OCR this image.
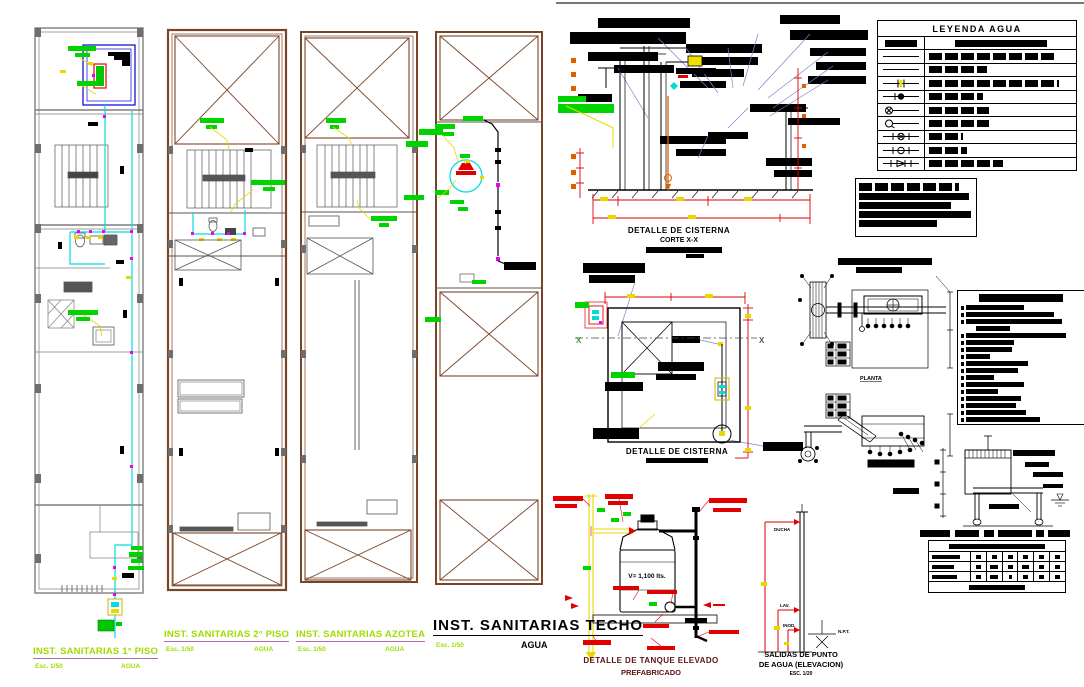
DETALLE DE CISTERNA
CORTE X-X
X	X
DETALLE DE CISTERNA
LEYENDA AGUA
PLANTA
V= 1,100 lts.
DETALLE DE TANQUE ELEVADO
PREFABRICADO
DUCHA
LAV.
INOD.
N.P.T.
SALIDAS DE PUNTO
DE AGUA (ELEVACION)
ESC. 1/20
INST. SANITARIAS 1° PISO
Esc. 1/50	AGUA
INST. SANITARIAS 2° PISO
Esc. 1/50	AGUA
INST. SANITARIAS AZOTEA
Esc. 1/50	AGUA
INST. SANITARIAS TECHO
Esc. 1/50	AGUA
